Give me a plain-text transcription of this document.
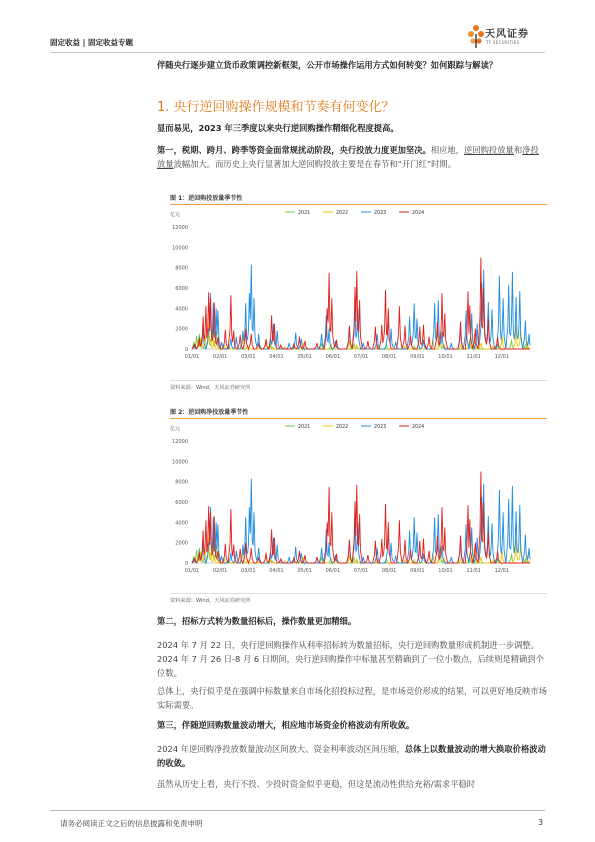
固定收益 | 固定收益专题
天风证券
TF SECURITIES
伴随央行逐步建立货币政策调控新框架，公开市场操作运用方式如何转变？如何跟踪与解读？
1. 央行逆回购操作规模和节奏有何变化？
显而易见，2023 年三季度以来央行逆回购操作精细化程度提高。
第一，税期、跨月、跨季等资金面常规扰动阶段，央行投放力度更加坚决。相应地，逆回购投放量和净投放量波幅加大。而历史上央行显著加大逆回购投放主要是在春节和“开门红”时期。
图 1：逆回购投放量季节性
亿元
0
2000
4000
6000
8000
10000
12000
01/01	02/01	03/01	04/01	05/01	06/01	07/01	08/01	09/01	10/01	11/01	12/01
2021	2022	2023	2024
资料来源：Wind，天风证券研究所
图 2：逆回购净投放量季节性
亿元
0
2000
4000
6000
8000
10000
12000
01/01	02/01	03/01	04/01	05/01	06/01	07/01	08/01	09/01	10/01	11/01	12/01
2021	2022	2023	2024
资料来源：Wind，天风证券研究所
第二，招标方式转为数量招标后，操作数量更加精细。
2024 年 7 月 22 日，央行逆回购操作从利率招标转为数量招标，央行逆回购数量形成机制进一步调整。2024 年 7 月 26 日-8 月 6 日期间，央行逆回购操作中标量甚至精确到了一位小数点，后续则是精确到个位数。
总体上，央行似乎是在强调中标数量来自市场化招投标过程，是市场竞价形成的结果，可以更好地反映市场实际需要。
第三，伴随逆回购数量波动增大，相应地市场资金价格波动有所收敛。
2024 年逆回购净投放数量波动区间放大、资金利率波动区间压缩，总体上以数量波动的增大换取价格波动的收敛。
虽然从历史上看，央行不投、少投时资金似乎更稳，但这是流动性供给充裕/需求平稳时
请务必阅读正文之后的信息披露和免责申明	3
